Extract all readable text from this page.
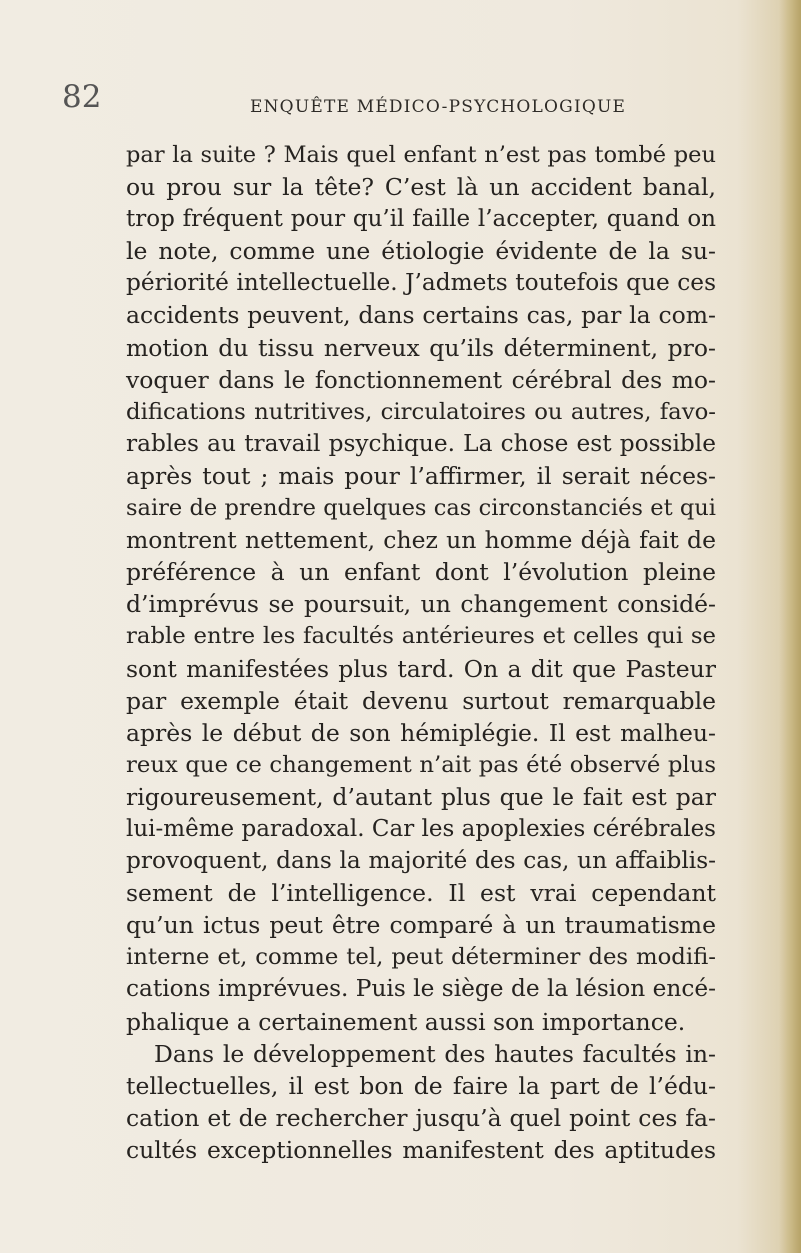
82	ENQUÊTE MÉDICO-PSYCHOLOGIQUE

par la suite ? Mais quel enfant n’est pas tombé peu
ou prou sur la tête? C’est là un accident banal,
trop fréquent pour qu’il faille l’accepter, quand on
le note, comme une étiologie évidente de la su-
périorité intellectuelle. J’admets toutefois que ces
accidents peuvent, dans certains cas, par la com-
motion du tissu nerveux qu’ils déterminent, pro-
voquer dans le fonctionnement cérébral des mo-
difications nutritives, circulatoires ou autres, favo-
rables au travail psychique. La chose est possible
après tout ; mais pour l’affirmer, il serait néces-
saire de prendre quelques cas circonstanciés et qui
montrent nettement, chez un homme déjà fait de
préférence à un enfant dont l’évolution pleine
d’imprévus se poursuit, un changement considé-
rable entre les facultés antérieures et celles qui se
sont manifestées plus tard. On a dit que Pasteur
par exemple était devenu surtout remarquable
après le début de son hémiplégie. Il est malheu-
reux que ce changement n’ait pas été observé plus
rigoureusement, d’autant plus que le fait est par
lui-même paradoxal. Car les apoplexies cérébrales
provoquent, dans la majorité des cas, un affaiblis-
sement de l’intelligence. Il est vrai cependant
qu’un ictus peut être comparé à un traumatisme
interne et, comme tel, peut déterminer des modifi-
cations imprévues. Puis le siège de la lésion encé-
phalique a certainement aussi son importance.
Dans le développement des hautes facultés in-
tellectuelles, il est bon de faire la part de l’édu-
cation et de rechercher jusqu’à quel point ces fa-
cultés exceptionnelles manifestent des aptitudes
